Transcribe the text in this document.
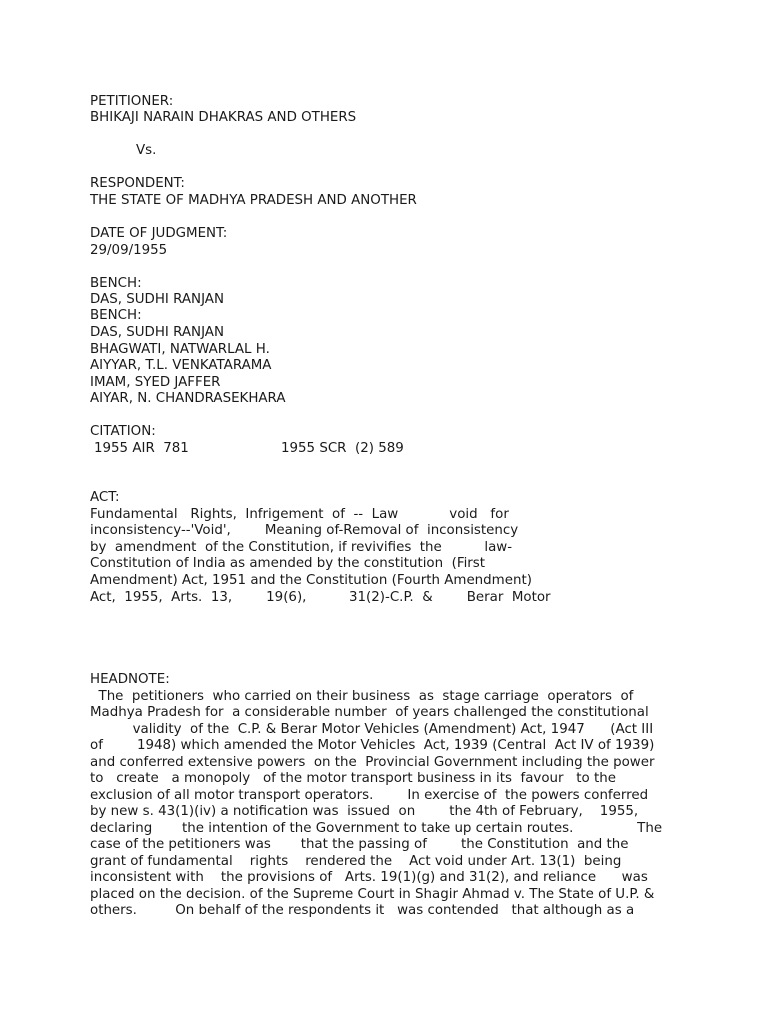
PETITIONER:
BHIKAJI NARAIN DHAKRAS AND OTHERS
Vs.
RESPONDENT:
THE STATE OF MADHYA PRADESH AND ANOTHER
DATE OF JUDGMENT:
29/09/1955
BENCH:
DAS, SUDHI RANJAN
BENCH:
DAS, SUDHI RANJAN
BHAGWATI, NATWARLAL H.
AIYYAR, T.L. VENKATARAMA
IMAM, SYED JAFFER
AIYAR, N. CHANDRASEKHARA
CITATION:
1955 AIR  781	1955 SCR  (2) 589
ACT:
Fundamental   Rights,  Infrigement  of  --  Law            void   for
inconsistency--'Void',        Meaning of-Removal of  inconsistency
by  amendment  of the Constitution, if revivifies  the          law-
Constitution of India as amended by the constitution  (First
Amendment) Act, 1951 and the Constitution (Fourth Amendment)
Act,  1955,  Arts.  13,        19(6),          31(2)-C.P.  &        Berar  Motor
HEADNOTE:
The  petitioners  who carried on their business  as  stage carriage  operators  of
Madhya Pradesh for  a considerable number  of years challenged the constitutional
validity  of the  C.P. & Berar Motor Vehicles (Amendment) Act, 1947      (Act III
of        1948) which amended the Motor Vehicles  Act, 1939 (Central  Act IV of 1939)
and conferred extensive powers  on the  Provincial Government including the power
to   create   a monopoly   of the motor transport business in its  favour   to the
exclusion of all motor transport operators.        In exercise of  the powers conferred
by new s. 43(1)(iv) a notification was  issued  on        the 4th of February,    1955,
declaring       the intention of the Government to take up certain routes.               The
case of the petitioners was       that the passing of        the Constitution  and the
grant of fundamental    rights    rendered the    Act void under Art. 13(1)  being
inconsistent with    the provisions of   Arts. 19(1)(g) and 31(2), and reliance      was
placed on the decision. of the Supreme Court in Shagir Ahmad v. The State of U.P. &
others.         On behalf of the respondents it   was contended   that although as a
